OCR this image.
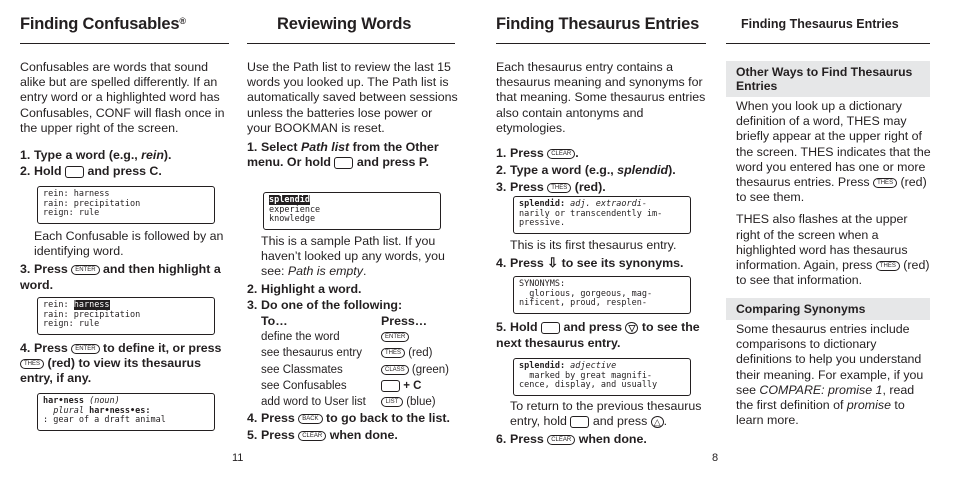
Finding Confusables®

Confusables are words that sound alike but are spelled differently. If an entry word or a highlighted word has Confusables, CONF will flash once in the upper right of the screen.

1. Type a word (e.g., rein).

2. Hold and press C.

rein: harness
rain: precipitation
reign: rule

Each Confusable is followed by an identifying word.

3. Press ENTER and then highlight a word.

rein: harness
rain: precipitation
reign: rule

4. Press ENTER to define it, or press THES (red) to view its thesaurus entry, if any.

har•ness (noun)
plural har•ness•es:
: gear of a draft animal
11
Reviewing Words

Use the Path list to review the last 15 words you looked up. The Path list is automatically saved between sessions unless the batteries lose power or your BOOKMAN is reset.

1. Select Path list from the Other menu. Or hold and press P.

splendid
experience
knowledge

This is a sample Path list. If you haven’t looked up any words, you see: Path is empty.

2. Highlight a word.

3. Do one of the following:

To…	Press…
define the word	ENTER
see thesaurus entry	THES (red)
see Classmates	CLASS (green)
see Confusables	+ C
add word to User list	LIST (blue)

4. Press BACK to go back to the list.

5. Press CLEAR when done.

Finding Thesaurus Entries

Each thesaurus entry contains a thesaurus meaning and synonyms for that meaning. Some thesaurus entries also contain antonyms and etymologies.

1. Press CLEAR .

2. Type a word (e.g., splendid).

3. Press THES (red).

splendid: adj. extraordi-
narily or transcendently im-
pressive.

This is its first thesaurus entry.

4. Press ⇩ to see its synonyms.

SYNONYMS:
glorious, gorgeous, mag-
nificent, proud, resplen-

5. Hold and press ▽ to see the next thesaurus entry.

splendid: adjective
marked by great magnifi-
cence, display, and usually

To return to the previous thesaurus entry, hold and press △ .

6. Press CLEAR when done.

8
Finding Thesaurus Entries
Other Ways to Find Thesaurus Entries

When you look up a dictionary definition of a word, THES may briefly appear at the upper right of the screen. THES indicates that the word you entered has one or more thesaurus entries. Press THES (red) to see them.

THES also flashes at the upper right of the screen when a highlighted word has thesaurus information. Again, press THES (red) to see that information.

Comparing Synonyms

Some thesaurus entries include comparisons to dictionary definitions to help you understand their meaning. For example, if you see COMPARE: promise 1, read the first definition of promise to learn more.
